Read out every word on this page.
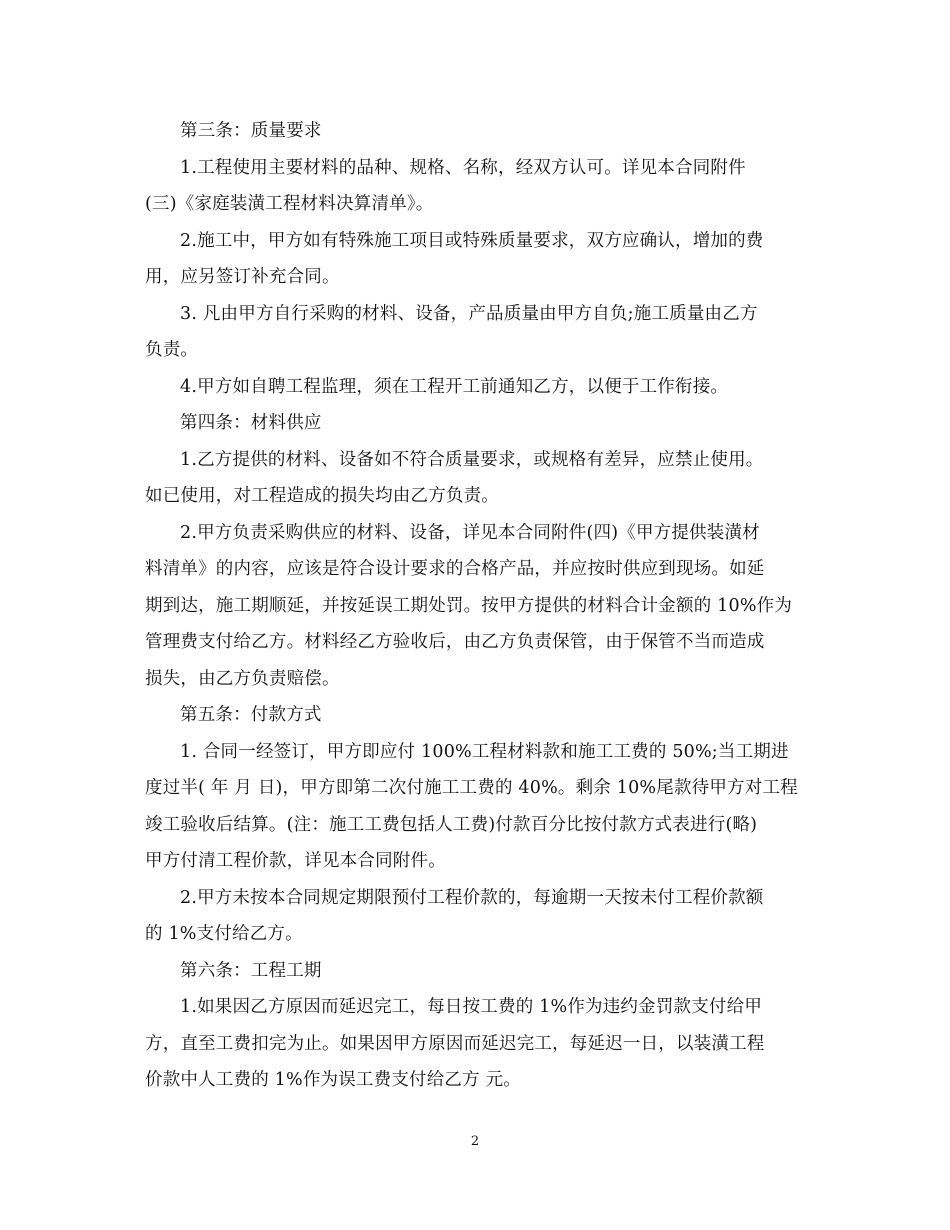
第三条：质量要求
1.工程使用主要材料的品种、规格、名称，经双方认可。详见本合同附件
(三)《家庭装潢工程材料决算清单》。
2.施工中，甲方如有特殊施工项目或特殊质量要求，双方应确认，增加的费
用，应另签订补充合同。
3. 凡由甲方自行采购的材料、设备，产品质量由甲方自负;施工质量由乙方
负责。
4.甲方如自聘工程监理，须在工程开工前通知乙方，以便于工作衔接。
第四条：材料供应
1.乙方提供的材料、设备如不符合质量要求，或规格有差异，应禁止使用。
如已使用，对工程造成的损失均由乙方负责。
2.甲方负责采购供应的材料、设备，详见本合同附件(四)《甲方提供装潢材
料清单》的内容，应该是符合设计要求的合格产品，并应按时供应到现场。如延
期到达，施工期顺延，并按延误工期处罚。按甲方提供的材料合计金额的 10%作为
管理费支付给乙方。材料经乙方验收后，由乙方负责保管，由于保管不当而造成
损失，由乙方负责赔偿。
第五条：付款方式
1. 合同一经签订，甲方即应付 100%工程材料款和施工工费的 50%;当工期进
度过半( 年 月 日)，甲方即第二次付施工工费的 40%。剩余 10%尾款待甲方对工程
竣工验收后结算。(注：施工工费包括人工费)付款百分比按付款方式表进行(略)
甲方付清工程价款，详见本合同附件。
2.甲方未按本合同规定期限预付工程价款的，每逾期一天按未付工程价款额
的 1%支付给乙方。
第六条：工程工期
1.如果因乙方原因而延迟完工，每日按工费的 1%作为违约金罚款支付给甲
方，直至工费扣完为止。如果因甲方原因而延迟完工，每延迟一日，以装潢工程
价款中人工费的 1%作为误工费支付给乙方 元。
2
